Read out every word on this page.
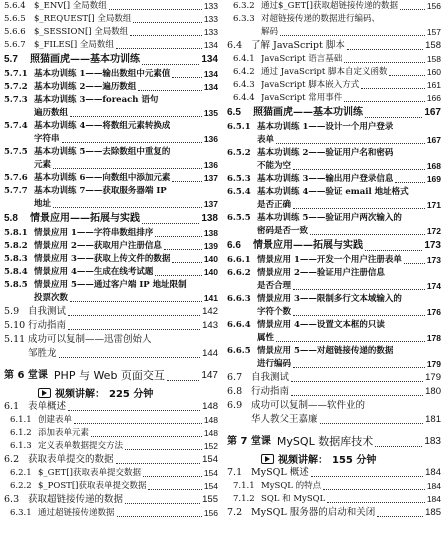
5.6.4 $_ENV[] 全局数组	133
5.6.5 $_REQUEST[] 全局数组	133
5.6.6 $_SESSION[] 全局数组	133
5.6.7 $_FILES[] 全局数组	134
5.7	照猫画虎——基本功训练	134
5.7.1 基本功训练 1——输出数组中元素值	134
5.7.2 基本功训练 2——遍历数组	134
5.7.3 基本功训练 3——foreach 语句
遍历数组	135
5.7.4 基本功训练 4——将数组元素转换成
字符串	136
5.7.5 基本功训练 5——去除数组中重复的
元素	136
5.7.6 基本功训练 6——向数组中添加元素	137
5.7.7 基本功训练 7——获取服务器端 IP
地址	137
5.8	情景应用——拓展与实践	138
5.8.1 情景应用 1——字符串数组排序	138
5.8.2 情景应用 2——获取用户注册信息	139
5.8.3 情景应用 3——获取上传文件的数据	140
5.8.4 情景应用 4——生成在线考试题	140
5.8.5 情景应用 5——通过客户端 IP 地址限制
投票次数	141
5.9 自我测试	142
5.10 行动指南	143
5.11 成功可以复制——迅雷创始人
邹胜龙	144
第 6 堂课 PHP 与 Web 页面交互	147
视频讲解： 225 分钟
6.1 表单概述	148
6.1.1 创建表单	148
6.1.2 添加表单元素	148
6.1.3 定义表单数据提交方法	152
6.2 获取表单提交的数据	154
6.2.1 $_GET[]获取表单提交数据	154
6.2.2 $_POST[]获取表单提交数据	154
6.3 获取超链接传递的数据	155
6.3.1 通过超链接传递数据	156
6.3.2 通过$_GET[]获取超链接传递的数据	156
6.3.3 对超链接传递的数据进行编码、
解码	157
6.4 了解 JavaScript 脚本	158
6.4.1 JavaScript 语言基础	158
6.4.2 通过 JavaScript 脚本自定义函数	160
6.4.3 JavaScript 脚本嵌入方式	161
6.4.4 JavaScript 常用事件	166
6.5	照猫画虎——基本功训练	167
6.5.1 基本功训练 1——设计一个用户登录
表单	167
6.5.2 基本功训练 2——验证用户名和密码
不能为空	168
6.5.3 基本功训练 3——输出用户登录信息	169
6.5.4 基本功训练 4——验证 email 地址格式
是否正确	171
6.5.5 基本功训练 5——验证用户两次输入的
密码是否一致	172
6.6	情景应用——拓展与实践	173
6.6.1 情景应用 1——开发一个用户注册表单	173
6.6.2 情景应用 2——验证用户注册信息
是否合理	174
6.6.3 情景应用 3——限制多行文本域输入的
字符个数	176
6.6.4 情景应用 4——设置文本框的只读
属性	178
6.6.5 情景应用 5——对超链接传递的数据
进行编码	179
6.7 自我测试	179
6.8 行动指南	180
6.9 成功可以复制——软件业的
华人教父王嘉廉	181
第 7 堂课 MySQL 数据库技术	183
视频讲解： 155 分钟
7.1 MySQL 概述	184
7.1.1 MySQL 的特点	184
7.1.2 SQL 和 MySQL	184
7.2 MySQL 服务器的启动和关闭	185
